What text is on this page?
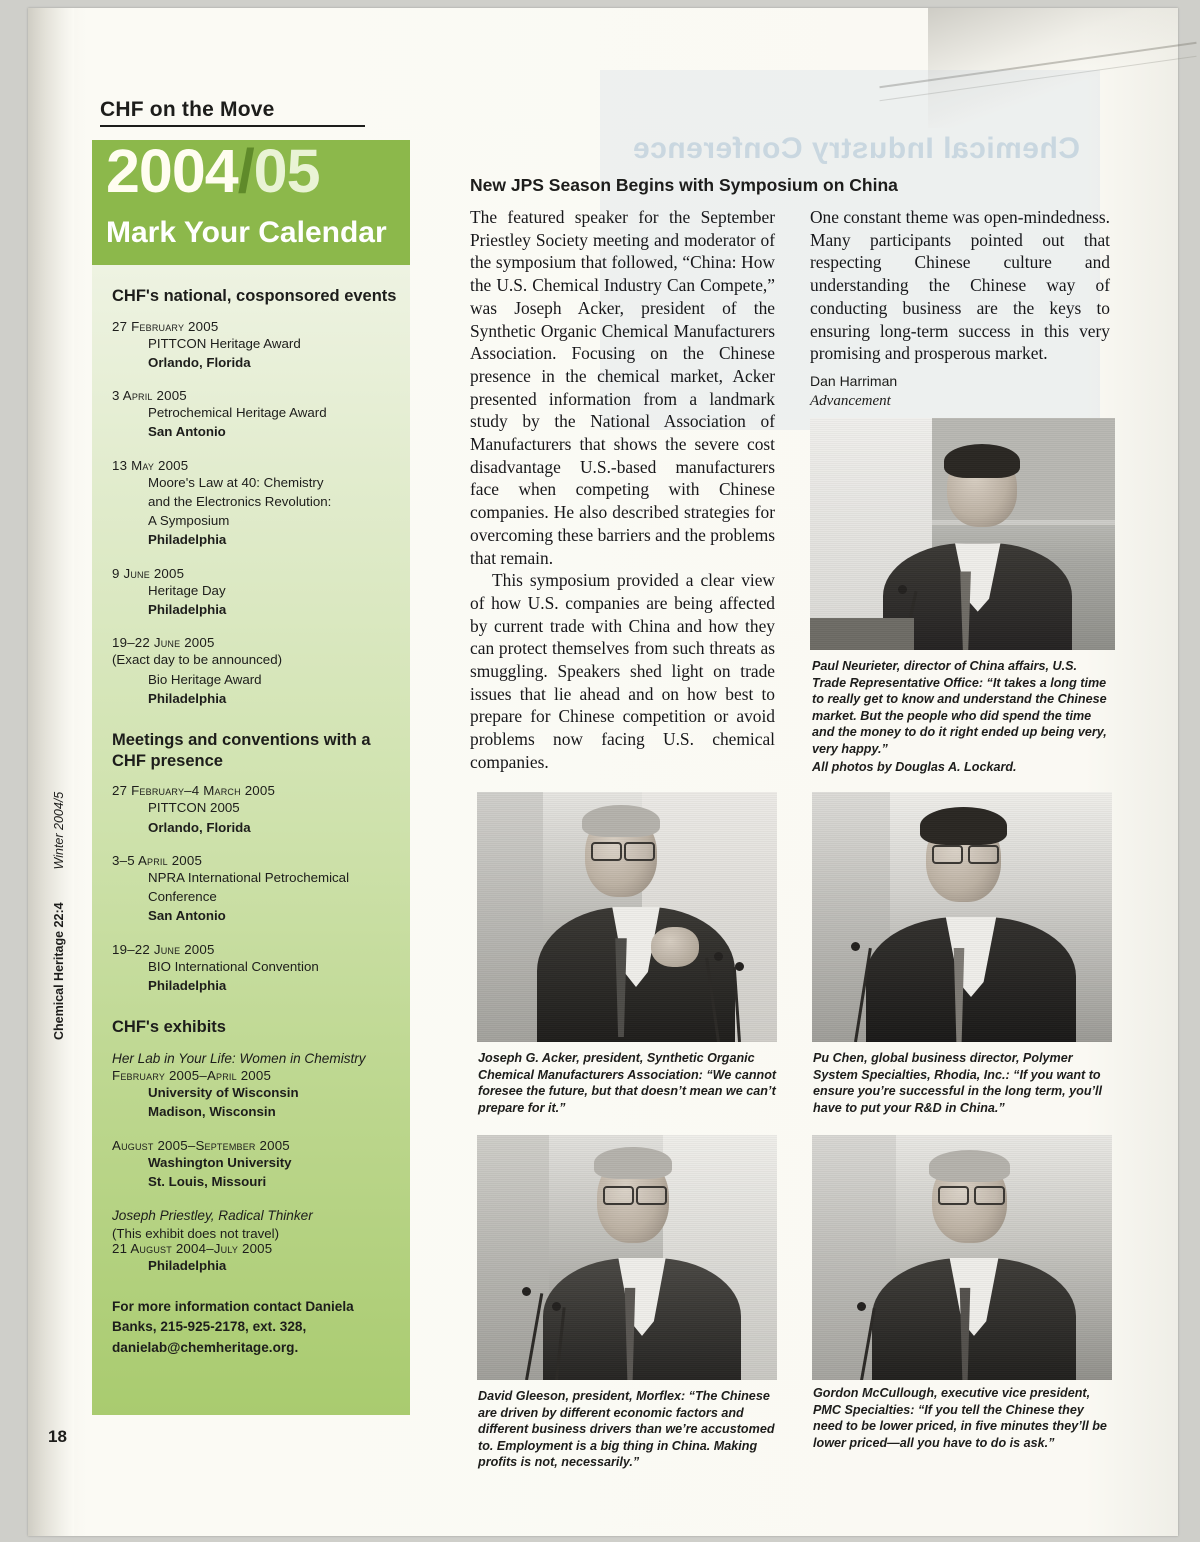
Chemical Industry Conference
Chemical Heritage 22:4  Winter 2004/5
18
CHF on the Move
2004/05
Mark Your Calendar
CHF's national, cosponsored events
27 February 2005
PITTCON Heritage Award
Orlando, Florida
3 April 2005
Petrochemical Heritage Award
San Antonio
13 May 2005
Moore's Law at 40: Chemistry
and the Electronics Revolution:
A Symposium
Philadelphia
9 June 2005
Heritage Day
Philadelphia
19–22 June 2005
(Exact day to be announced)
Bio Heritage Award
Philadelphia
Meetings and conventions with a CHF presence
27 February–4 March 2005
PITTCON 2005
Orlando, Florida
3–5 April 2005
NPRA International Petrochemical
Conference
San Antonio
19–22 June 2005
BIO International Convention
Philadelphia
CHF's exhibits
Her Lab in Your Life: Women in Chemistry
February 2005–April 2005
University of Wisconsin
Madison, Wisconsin
August 2005–September 2005
Washington University
St. Louis, Missouri
Joseph Priestley, Radical Thinker
(This exhibit does not travel)
21 August 2004–July 2005
Philadelphia
For more information contact Daniela Banks, 215-925-2178, ext. 328, danielab@chemheritage.org.
New JPS Season Begins with Symposium on China

The featured speaker for the September Priestley Society meeting and moderator of the symposium that followed, “China: How the U.S. Chemical Industry Can Compete,” was Joseph Acker, president of the Synthetic Organic Chemical Manufacturers Association. Focusing on the Chinese presence in the chemical market, Acker presented information from a landmark study by the National Association of Manufacturers that shows the severe cost disadvantage U.S.-based manufacturers face when competing with Chinese companies. He also described strategies for overcoming these barriers and the problems that remain.

This symposium provided a clear view of how U.S. companies are being affected by current trade with China and how they can protect themselves from such threats as smuggling. Speakers shed light on trade issues that lie ahead and on how best to prepare for Chinese competition or avoid problems now facing U.S. chemical companies.

One constant theme was open-mindedness. Many participants pointed out that respecting Chinese culture and understanding the Chinese way of conducting business are the keys to ensuring long-term success in this very promising and prosperous market.

Dan Harriman
Advancement
Paul Neurieter, director of China affairs, U.S. Trade Representative Office: “It takes a long time to really get to know and understand the Chinese market. But the people who did spend the time and the money to do it right ended up being very, very happy.”
All photos by Douglas A. Lockard.
Joseph G. Acker, president, Synthetic Organic Chemical Manufacturers Association: “We cannot foresee the future, but that doesn’t mean we can’t prepare for it.”
Pu Chen, global business director, Polymer System Specialties, Rhodia, Inc.: “If you want to ensure you’re successful in the long term, you’ll have to put your R&D in China.”
David Gleeson, president, Morflex: “The Chinese are driven by different economic factors and different business drivers than we’re accustomed to. Employment is a big thing in China. Making profits is not, necessarily.”
Gordon McCullough, executive vice president, PMC Specialties: “If you tell the Chinese they need to be lower priced, in five minutes they’ll be lower priced—all you have to do is ask.”
